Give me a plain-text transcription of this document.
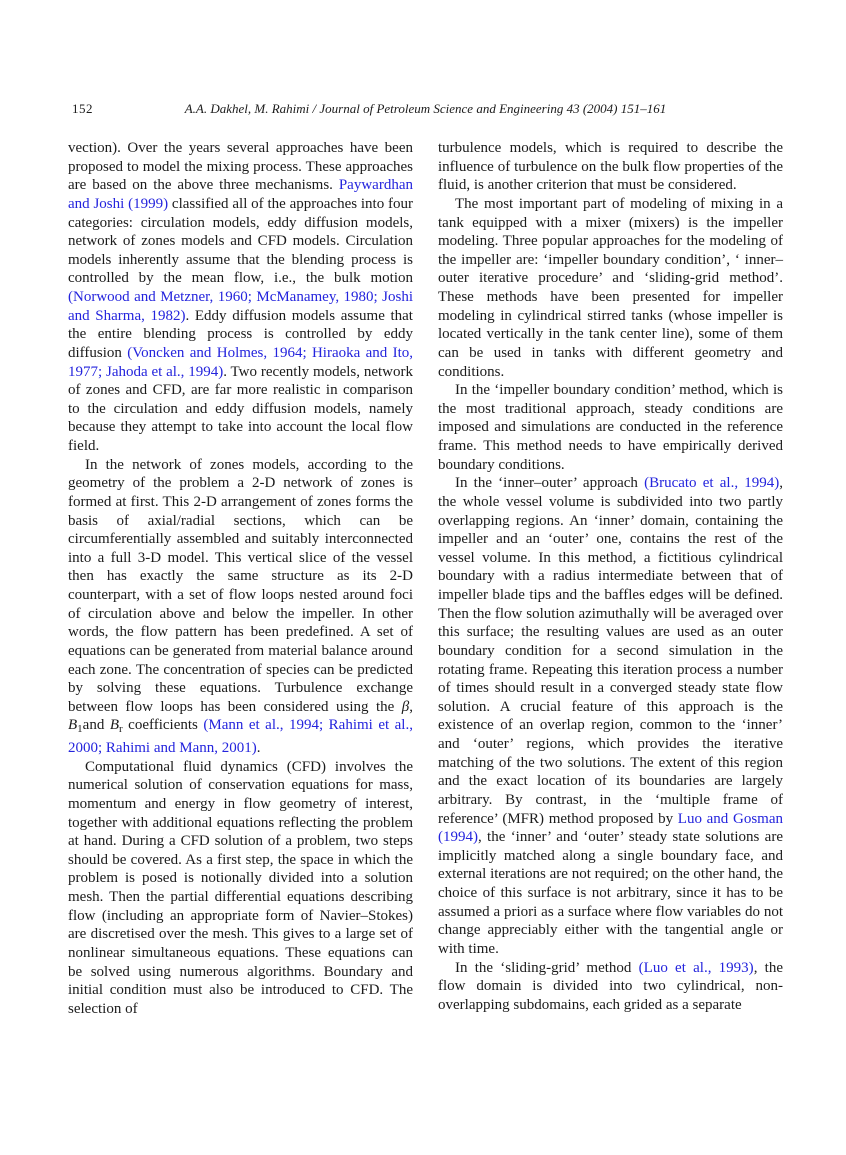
152	A.A. Dakhel, M. Rahimi / Journal of Petroleum Science and Engineering 43 (2004) 151–161

vection). Over the years several approaches have been proposed to model the mixing process. These approaches are based on the above three mechanisms. Paywardhan and Joshi (1999) classified all of the approaches into four categories: circulation models, eddy diffusion models, network of zones models and CFD models. Circulation models inherently assume that the blending process is controlled by the mean flow, i.e., the bulk motion (Norwood and Metzner, 1960; McManamey, 1980; Joshi and Sharma, 1982). Eddy diffusion models assume that the entire blending process is controlled by eddy diffusion (Voncken and Holmes, 1964; Hiraoka and Ito, 1977; Jahoda et al., 1994). Two recently models, network of zones and CFD, are far more realistic in comparison to the circulation and eddy diffusion models, namely because they attempt to take into account the local flow field.

In the network of zones models, according to the geometry of the problem a 2-D network of zones is formed at first. This 2-D arrangement of zones forms the basis of axial/radial sections, which can be circumferentially assembled and suitably interconnected into a full 3-D model. This vertical slice of the vessel then has exactly the same structure as its 2-D counterpart, with a set of flow loops nested around foci of circulation above and below the impeller. In other words, the flow pattern has been predefined. A set of equations can be generated from material balance around each zone. The concentration of species can be predicted by solving these equations. Turbulence exchange between flow loops has been considered using the β, $B_1and$ $B_r$ coefficients (Mann et al., 1994; Rahimi et al., 2000; Rahimi and Mann, 2001).

Computational fluid dynamics (CFD) involves the numerical solution of conservation equations for mass, momentum and energy in flow geometry of interest, together with additional equations reflecting the problem at hand. During a CFD solution of a problem, two steps should be covered. As a first step, the space in which the problem is posed is notionally divided into a solution mesh. Then the partial differential equations describing flow (including an appropriate form of Navier–Stokes) are discretised over the mesh. This gives to a large set of nonlinear simultaneous equations. These equations can be solved using numerous algorithms. Boundary and initial condition must also be introduced to CFD. The selection of

turbulence models, which is required to describe the influence of turbulence on the bulk flow properties of the fluid, is another criterion that must be considered.

The most important part of modeling of mixing in a tank equipped with a mixer (mixers) is the impeller modeling. Three popular approaches for the modeling of the impeller are: ‘impeller boundary condition’, ‘ inner–outer iterative procedure’ and ‘sliding-grid method’. These methods have been presented for impeller modeling in cylindrical stirred tanks (whose impeller is located vertically in the tank center line), some of them can be used in tanks with different geometry and conditions.

In the ‘impeller boundary condition’ method, which is the most traditional approach, steady conditions are imposed and simulations are conducted in the reference frame. This method needs to have empirically derived boundary conditions.

In the ‘inner–outer’ approach (Brucato et al., 1994), the whole vessel volume is subdivided into two partly overlapping regions. An ‘inner’ domain, containing the impeller and an ‘outer’ one, contains the rest of the vessel volume. In this method, a fictitious cylindrical boundary with a radius intermediate between that of impeller blade tips and the baffles edges will be defined. Then the flow solution azimuthally will be averaged over this surface; the resulting values are used as an outer boundary condition for a second simulation in the rotating frame. Repeating this iteration process a number of times should result in a converged steady state flow solution. A crucial feature of this approach is the existence of an overlap region, common to the ‘inner’ and ‘outer’ regions, which provides the iterative matching of the two solutions. The extent of this region and the exact location of its boundaries are largely arbitrary. By contrast, in the ‘multiple frame of reference’ (MFR) method proposed by Luo and Gosman (1994), the ‘inner’ and ‘outer’ steady state solutions are implicitly matched along a single boundary face, and external iterations are not required; on the other hand, the choice of this surface is not arbitrary, since it has to be assumed a priori as a surface where flow variables do not change appreciably either with the tangential angle or with time.

In the ‘sliding-grid’ method (Luo et al., 1993), the flow domain is divided into two cylindrical, non-overlapping subdomains, each grided as a separate
